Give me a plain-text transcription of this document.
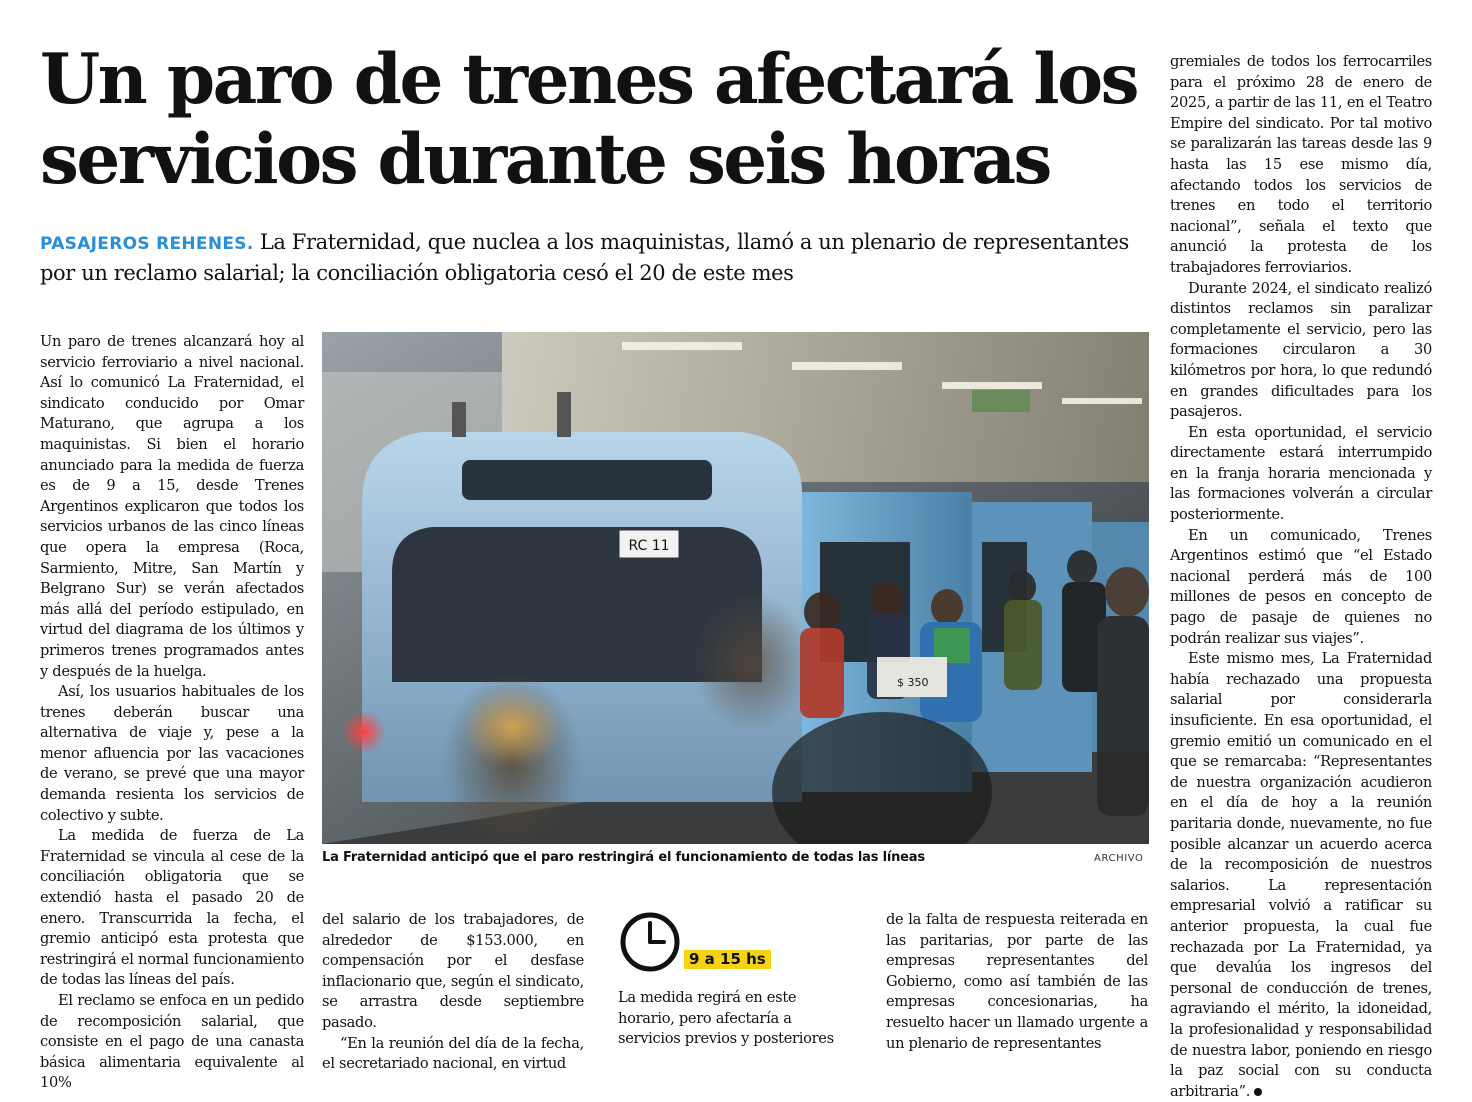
Un paro de trenes afectará los servicios durante seis horas
PASAJEROS REHENES. La Fraternidad, que nuclea a los maquinistas, llamó a un plenario de representantes por un reclamo salarial; la conciliación obligatoria cesó el 20 de este mes

Un paro de trenes alcanzará hoy al servicio ferroviario a nivel nacional. Así lo comunicó La Fraternidad, el sindicato conducido por Omar Maturano, que agrupa a los maquinistas. Si bien el horario anunciado para la medida de fuerza es de 9 a 15, desde Trenes Argentinos explicaron que todos los servicios urbanos de las cinco líneas que opera la empresa (Roca, Sarmiento, Mitre, San Martín y Belgrano Sur) se verán afectados más allá del período estipulado, en virtud del diagrama de los últimos y primeros trenes programados antes y después de la huelga.

Así, los usuarios habituales de los trenes deberán buscar una alternativa de viaje y, pese a la menor afluencia por las vacaciones de verano, se prevé que una mayor demanda resienta los servicios de colectivo y subte.

La medida de fuerza de La Fraternidad se vincula al cese de la conciliación obligatoria que se extendió hasta el pasado 20 de enero. Transcurrida la fecha, el gremio anticipó esta protesta que restringirá el normal funcionamiento de todas las líneas del país.

El reclamo se enfoca en un pedido de recomposición salarial, que consiste en el pago de una canasta básica alimentaria equivalente al 10%

RC 11
$ 350
La Fraternidad anticipó que el paro restringirá el funcionamiento de todas las líneas	ARCHIVO

del salario de los trabajadores, de alrededor de $153.000, en compensación por el desfase inflacionario que, según el sindicato, se arrastra desde septiembre pasado.

“En la reunión del día de la fecha, el secretariado nacional, en virtud

9 a 15 hs

La medida regirá en este horario, pero afectaría a servicios previos y posteriores

de la falta de respuesta reiterada en las paritarias, por parte de las empresas representantes del Gobierno, como así también de las empresas concesionarias, ha resuelto hacer un llamado urgente a un plenario de representantes

gremiales de todos los ferrocarriles para el próximo 28 de enero de 2025, a partir de las 11, en el Teatro Empire del sindicato. Por tal motivo se paralizarán las tareas desde las 9 hasta las 15 ese mismo día, afectando todos los servicios de trenes en todo el territorio nacional”, señala el texto que anunció la protesta de los trabajadores ferroviarios.

Durante 2024, el sindicato realizó distintos reclamos sin paralizar completamente el servicio, pero las formaciones circularon a 30 kilómetros por hora, lo que redundó en grandes dificultades para los pasajeros.

En esta oportunidad, el servicio directamente estará interrumpido en la franja horaria mencionada y las formaciones volverán a circular posteriormente.

En un comunicado, Trenes Argentinos estimó que “el Estado nacional perderá más de 100 millones de pesos en concepto de pago de pasaje de quienes no podrán realizar sus viajes”.

Este mismo mes, La Fraternidad había rechazado una propuesta salarial por considerarla insuficiente. En esa oportunidad, el gremio emitió un comunicado en el que se remarcaba: “Representantes de nuestra organización acudieron en el día de hoy a la reunión paritaria donde, nuevamente, no fue posible alcanzar un acuerdo acerca de la recomposición de nuestros salarios. La representación empresarial volvió a ratificar su anterior propuesta, la cual fue rechazada por La Fraternidad, ya que devalúa los ingresos del personal de conducción de trenes, agraviando el mérito, la idoneidad, la profesionalidad y responsabilidad de nuestra labor, poniendo en riesgo la paz social con su conducta arbitraria”.
